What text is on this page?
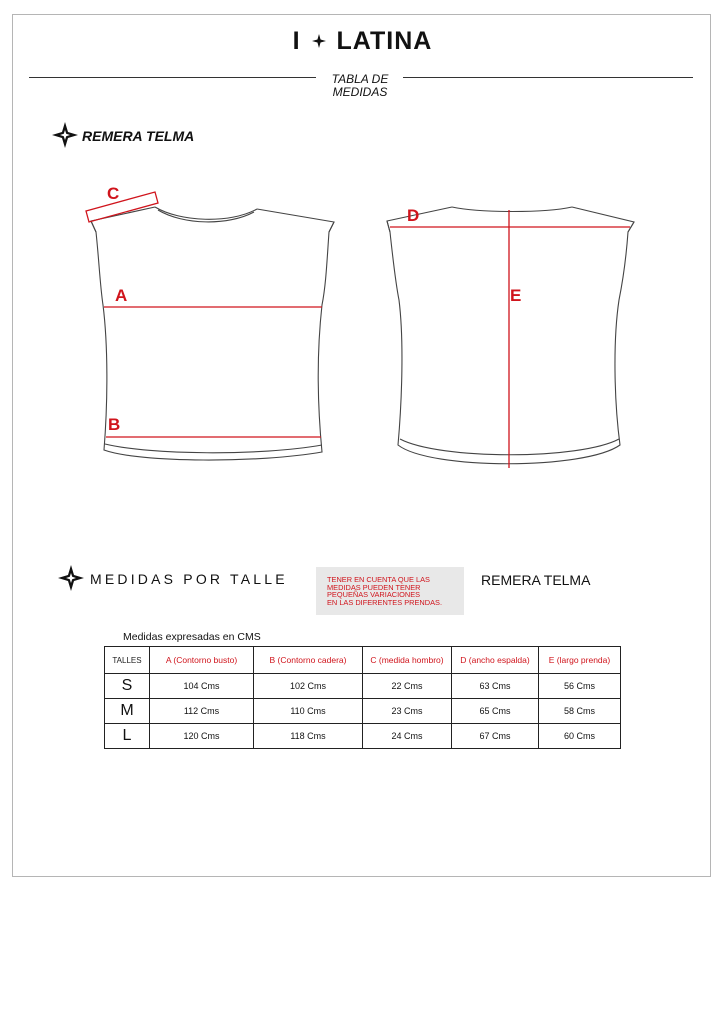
I LATINA
TABLA DE
MEDIDAS
REMERA TELMA
C
A
B
D
E
MEDIDAS POR TALLE	TENER EN CUENTA QUE LAS
MEDIDAS PUEDEN TENER
PEQUEÑAS VARIACIONES
EN LAS DIFERENTES PRENDAS.
REMERA TELMA
Medidas expresadas en CMS
TALLES	A (Contorno busto)	B (Contorno cadera)	C (medida hombro)	D (ancho espalda)	E (largo prenda)
S	104 Cms	102 Cms	22 Cms	63 Cms	56 Cms
M	112 Cms	110 Cms	23 Cms	65 Cms	58 Cms
L	120 Cms	118 Cms	24 Cms	67 Cms	60 Cms
